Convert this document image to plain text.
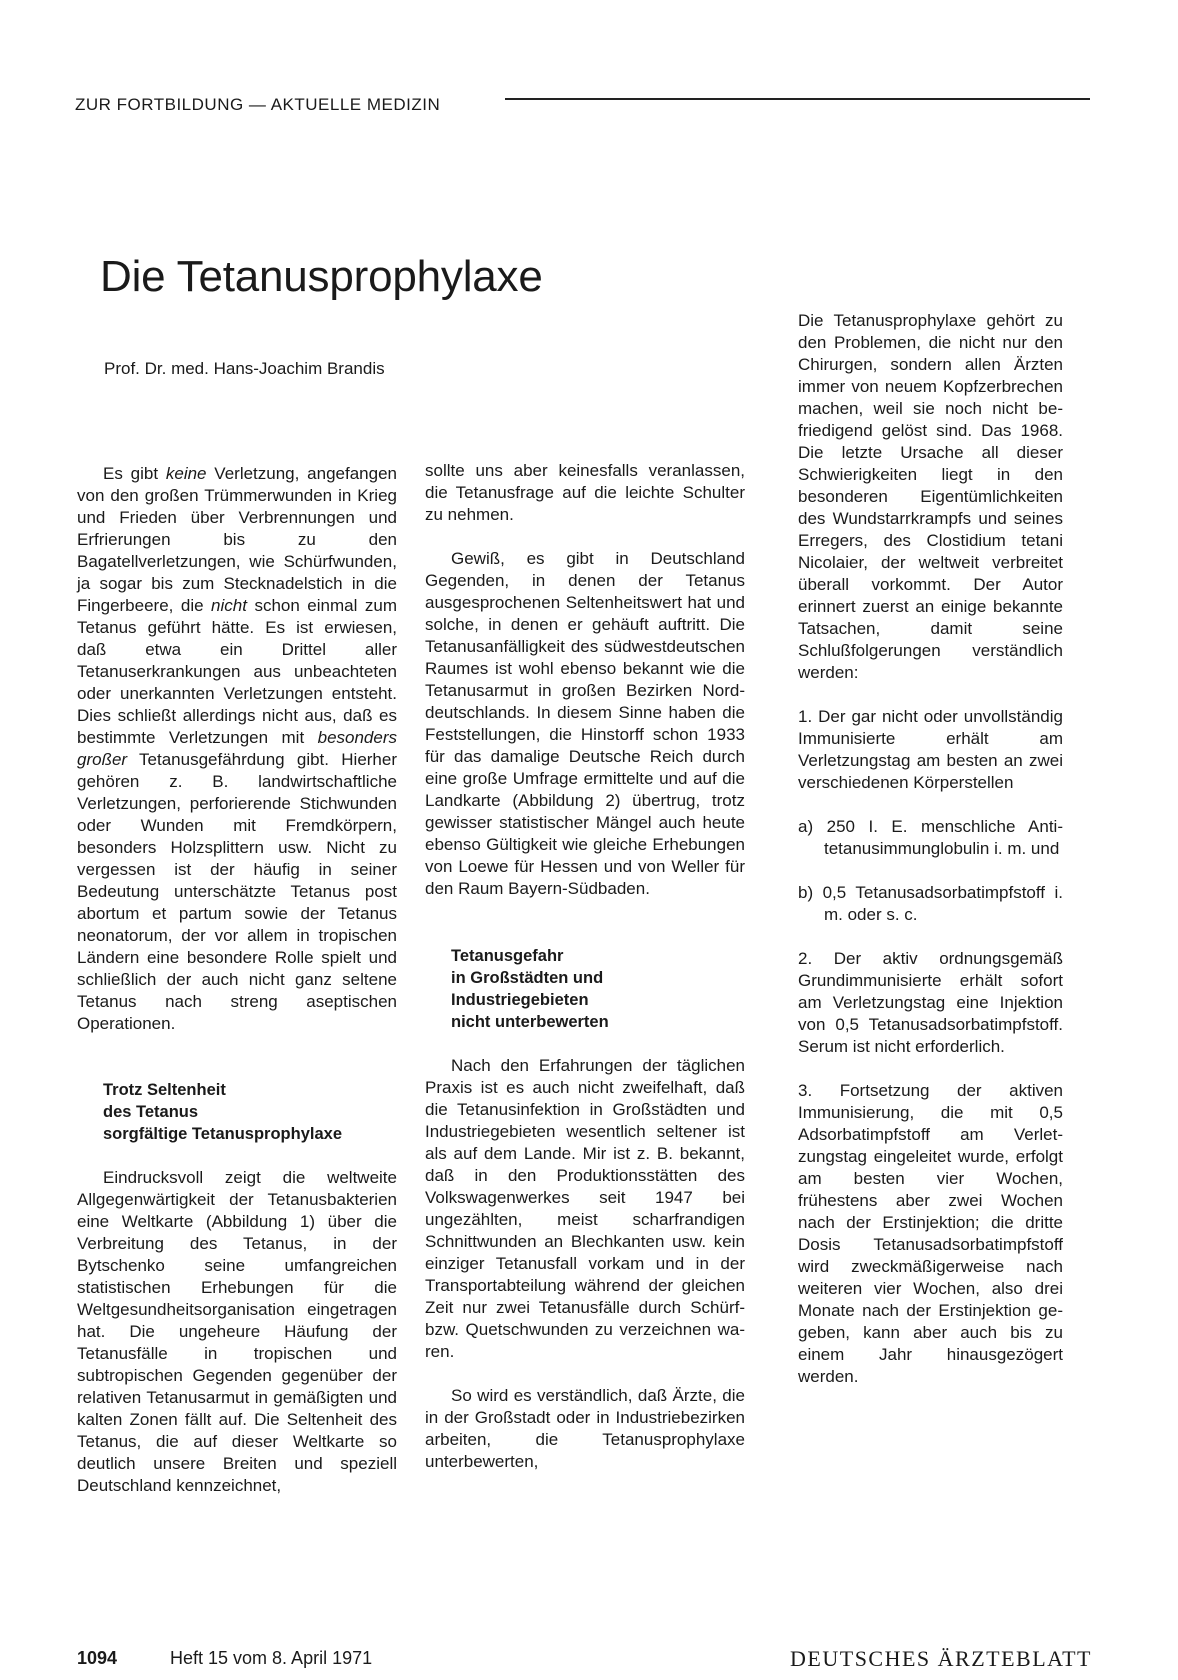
ZUR FORTBILDUNG — AKTUELLE MEDIZIN
Die Tetanusprophylaxe
Prof. Dr. med. Hans-Joachim Brandis

Es gibt keine Verletzung, angefangen von den großen Trümmerwunden in Krieg und Frieden über Verbrennungen und Erfrierungen bis zu den Bagatellverletzungen, wie Schürfwunden, ja sogar bis zum Stecknadelstich in die Fingerbeere, die nicht schon einmal zum Tetanus geführt hätte. Es ist erwiesen, daß etwa ein Drittel aller Tetanuserkrankungen aus unbeachteten oder unerkannten Verletzungen entsteht. Dies schließt allerdings nicht aus, daß es bestimmte Verletzungen mit besonders großer Tetanusgefährdung gibt. Hierher gehören z. B. landwirtschaftliche Verletzungen, perforierende Stichwunden oder Wunden mit Fremdkörpern, besonders Holzsplittern usw. Nicht zu vergessen ist der häufig in seiner Bedeutung unterschätzte Tetanus post abortum et partum sowie der Tetanus neonatorum, der vor allem in tropischen Ländern eine besondere Rolle spielt und schließlich der auch nicht ganz seltene Tetanus nach streng aseptischen Operationen.

Trotz Seltenheit
des Tetanus
sorgfältige Tetanusprophylaxe

Eindrucksvoll zeigt die weltweite Allgegenwärtigkeit der Tetanusbakterien eine Weltkarte (Abbildung 1) über die Verbreitung des Tetanus, in der Bytschenko seine umfangreichen statistischen Erhebungen für die Weltgesundheitsorganisation eingetragen hat. Die ungeheure Häufung der Tetanusfälle in tropischen und subtropischen Gegenden gegenüber der relativen Tetanusarmut in gemäßigten und kalten Zonen fällt auf. Die Seltenheit des Tetanus, die auf dieser Weltkarte so deutlich unsere Breiten und speziell Deutschland kennzeichnet,

sollte uns aber keinesfalls veranlassen, die Tetanusfrage auf die leichte Schulter zu nehmen.

Gewiß, es gibt in Deutschland Gegenden, in denen der Tetanus ausgesprochenen Seltenheitswert hat und solche, in denen er gehäuft auftritt. Die Tetanusanfälligkeit des südwestdeutschen Raumes ist wohl ebenso bekannt wie die Tetanusarmut in großen Bezirken Norddeutschlands. In diesem Sinne haben die Feststellungen, die Hinstorff schon 1933 für das damalige Deutsche Reich durch eine große Umfrage ermittelte und auf die Landkarte (Abbildung 2) übertrug, trotz gewisser statistischer Mängel auch heute ebenso Gültigkeit wie gleiche Erhebungen von Loewe für Hessen und von Weller für den Raum Bayern-Südbaden.

Tetanusgefahr
in Großstädten und
Industriegebieten
nicht unterbewerten

Nach den Erfahrungen der täglichen Praxis ist es auch nicht zweifelhaft, daß die Tetanusinfektion in Großstädten und Industriegebieten wesentlich seltener ist als auf dem Lande. Mir ist z. B. bekannt, daß in den Produktionsstätten des Volkswagenwerkes seit 1947 bei ungezählten, meist scharfrandigen Schnittwunden an Blechkanten usw. kein einziger Tetanusfall vorkam und in der Transportabteilung während der gleichen Zeit nur zwei Tetanusfälle durch Schürf- bzw. Quetschwunden zu verzeichnen waren.

So wird es verständlich, daß Ärzte, die in der Großstadt oder in Industriebezirken arbeiten, die Tetanusprophylaxe unterbewerten,

Die Tetanusprophylaxe gehört zu den Problemen, die nicht nur den Chirurgen, sondern allen Ärzten immer von neuem Kopfzerbrechen machen, weil sie noch nicht befriedigend gelöst sind. Das 1968. Die letzte Ursache all dieser Schwierigkeiten liegt in den besonderen Eigentümlichkeiten des Wundstarrkrampfs und seines Erregers, des Clostidium tetani Nicolaier, der weltweit verbreitet überall vorkommt. Der Autor erinnert zuerst an einige bekannte Tatsachen, damit seine Schlußfolgerungen verständlich werden:

1. Der gar nicht oder unvollständig Immunisierte erhält am Verletzungstag am besten an zwei verschiedenen Körperstellen

a) 250 I. E. menschliche Antitetanusimmunglobulin i. m. und

b) 0,5 Tetanusadsorbatimpfstoff i. m. oder s. c.

2. Der aktiv ordnungsgemäß Grundimmunisierte erhält sofort am Verletzungstag eine Injektion von 0,5 Tetanusadsorbatimpfstoff. Serum ist nicht erforderlich.

3. Fortsetzung der aktiven Immunisierung, die mit 0,5 Adsorbatimpfstoff am Verletzungstag eingeleitet wurde, erfolgt am besten vier Wochen, frühestens aber zwei Wochen nach der Erstinjektion; die dritte Dosis Tetanusadsorbatimpfstoff wird zweckmäßigerweise nach weiteren vier Wochen, also drei Monate nach der Erstinjektion gegeben, kann aber auch bis zu einem Jahr hinausgezögert werden.

1094	Heft 15 vom 8. April 1971	DEUTSCHES ÄRZTEBLATT
